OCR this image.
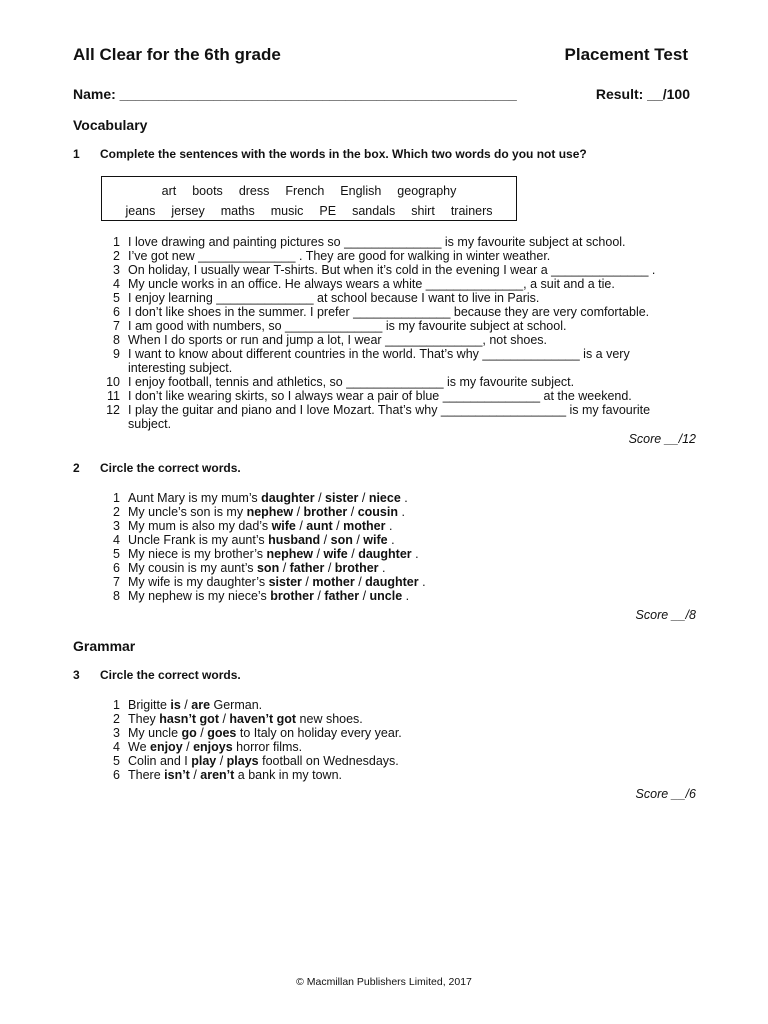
All Clear for the 6th grade	Placement Test
Name: ___________________________________________________	Result: __/100
Vocabulary
1 Complete the sentences with the words in the box. Which two words do you not use?
art boots dress French English geography
jeans jersey maths music PE sandals shirt trainers
1 I love drawing and painting pictures so ______________ is my favourite subject at school.
2 I’ve got new ______________ . They are good for walking in winter weather.
3 On holiday, I usually wear T-shirts. But when it’s cold in the evening I wear a ______________ .
4 My uncle works in an office. He always wears a white ______________, a suit and a tie.
5 I enjoy learning ______________ at school because I want to live in Paris.
6 I don’t like shoes in the summer. I prefer ______________ because they are very comfortable.
7 I am good with numbers, so ______________ is my favourite subject at school.
8 When I do sports or run and jump a lot, I wear ______________, not shoes.
9 I want to know about different countries in the world. That’s why ______________ is a very
interesting subject.
10 I enjoy football, tennis and athletics, so ______________ is my favourite subject.
11 I don’t like wearing skirts, so I always wear a pair of blue ______________ at the weekend.
12 I play the guitar and piano and I love Mozart. That’s why __________________ is my favourite
subject.
Score __/12
2 Circle the correct words.
1 Aunt Mary is my mum’s daughter / sister / niece .
2 My uncle’s son is my nephew / brother / cousin .
3 My mum is also my dad’s wife / aunt / mother .
4 Uncle Frank is my aunt’s husband / son / wife .
5 My niece is my brother’s nephew / wife / daughter .
6 My cousin is my aunt’s son / father / brother .
7 My wife is my daughter’s sister / mother / daughter .
8 My nephew is my niece’s brother / father / uncle .
Score __/8
Grammar
3 Circle the correct words.
1 Brigitte is / are German.
2 They hasn’t got / haven’t got new shoes.
3 My uncle go / goes to Italy on holiday every year.
4 We enjoy / enjoys horror films.
5 Colin and I play / plays football on Wednesdays.
6 There isn’t / aren’t a bank in my town.
Score __/6
© Macmillan Publishers Limited, 2017
